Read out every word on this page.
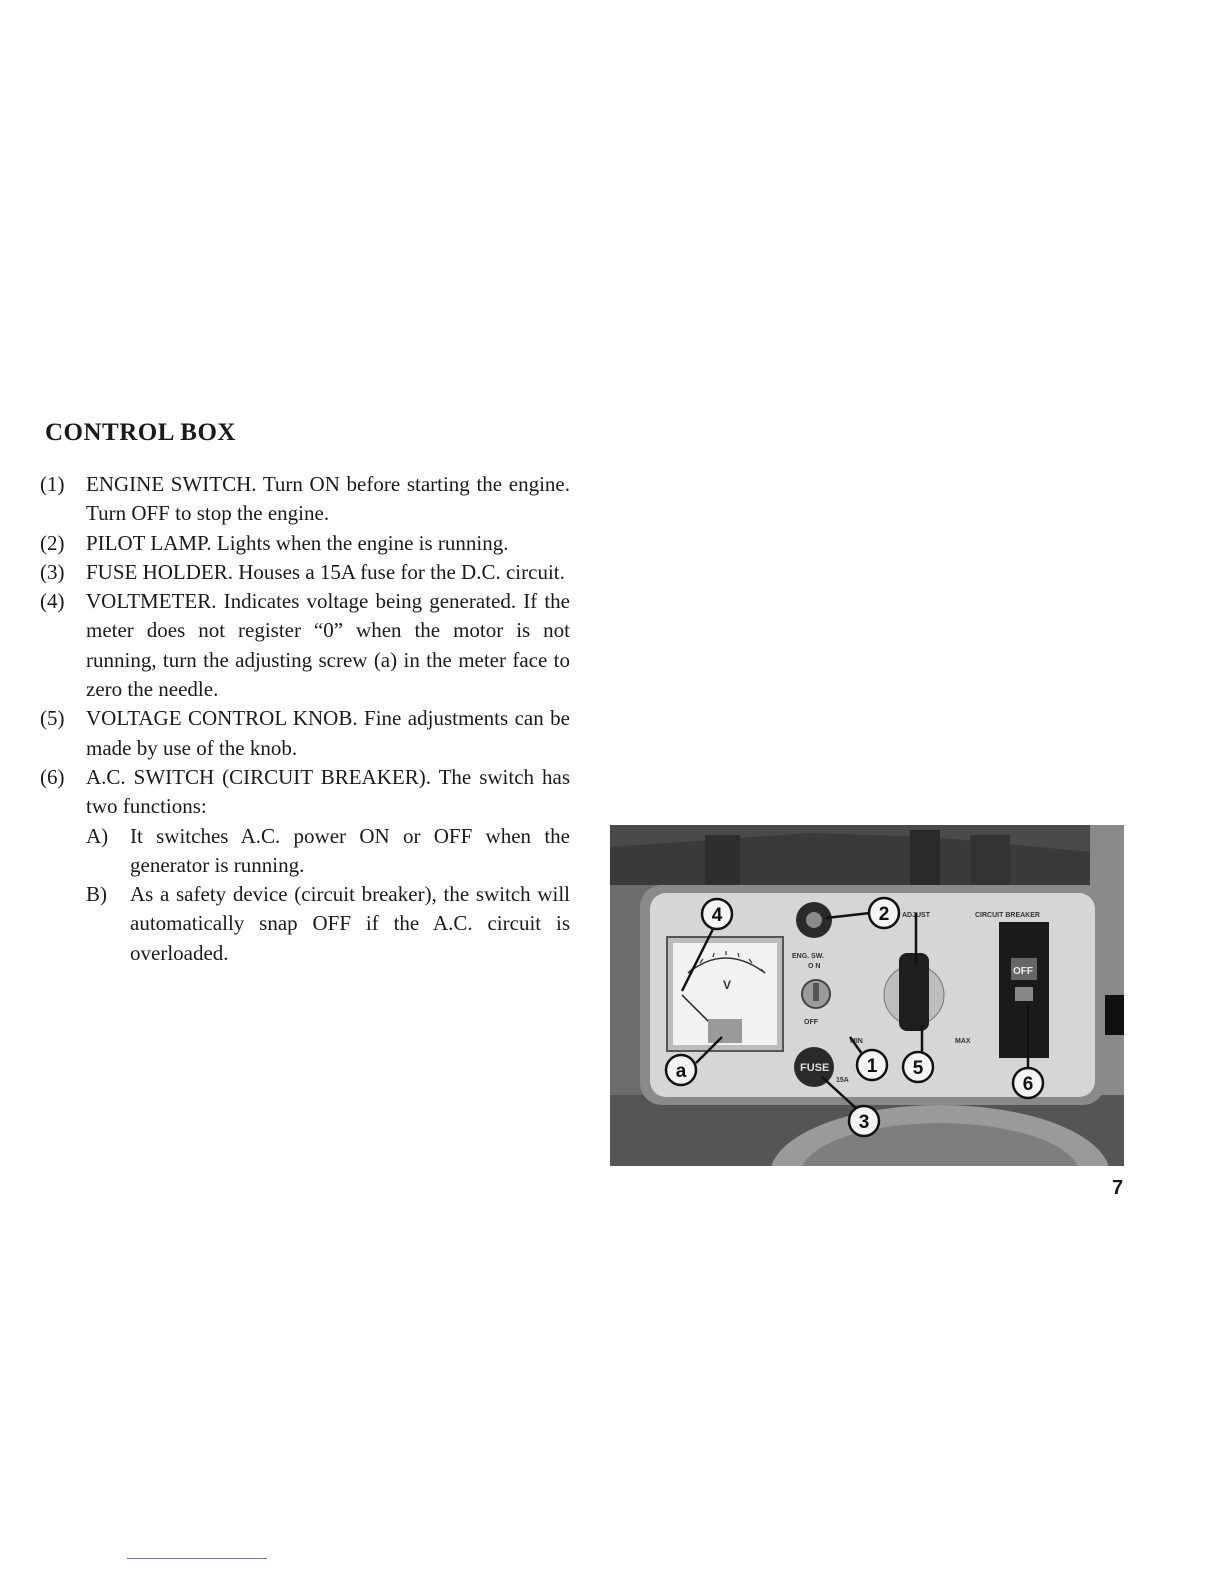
CONTROL BOX
(1) ENGINE SWITCH. Turn ON before starting the engine. Turn OFF to stop the engine.
(2) PILOT LAMP. Lights when the engine is running.
(3) FUSE HOLDER. Houses a 15A fuse for the D.C. circuit.
(4) VOLTMETER. Indicates voltage being generated. If the meter does not register “0” when the motor is not running, turn the adjusting screw (a) in the meter face to zero the needle.
(5) VOLTAGE CONTROL KNOB. Fine adjustments can be made by use of the knob.
(6) A.C. SWITCH (CIRCUIT BREAKER). The switch has two functions:
A) It switches A.C. power ON or OFF when the generator is running.
B) As a safety device (circuit breaker), the switch will automatically snap OFF if the A.C. circuit is overloaded.
V
ENG. SW.
O N
OFF
FUSE
15A
ADJUST
MIN	MAX
CIRCUIT BREAKER
OFF
4	2
1 5
6
3
a
7
